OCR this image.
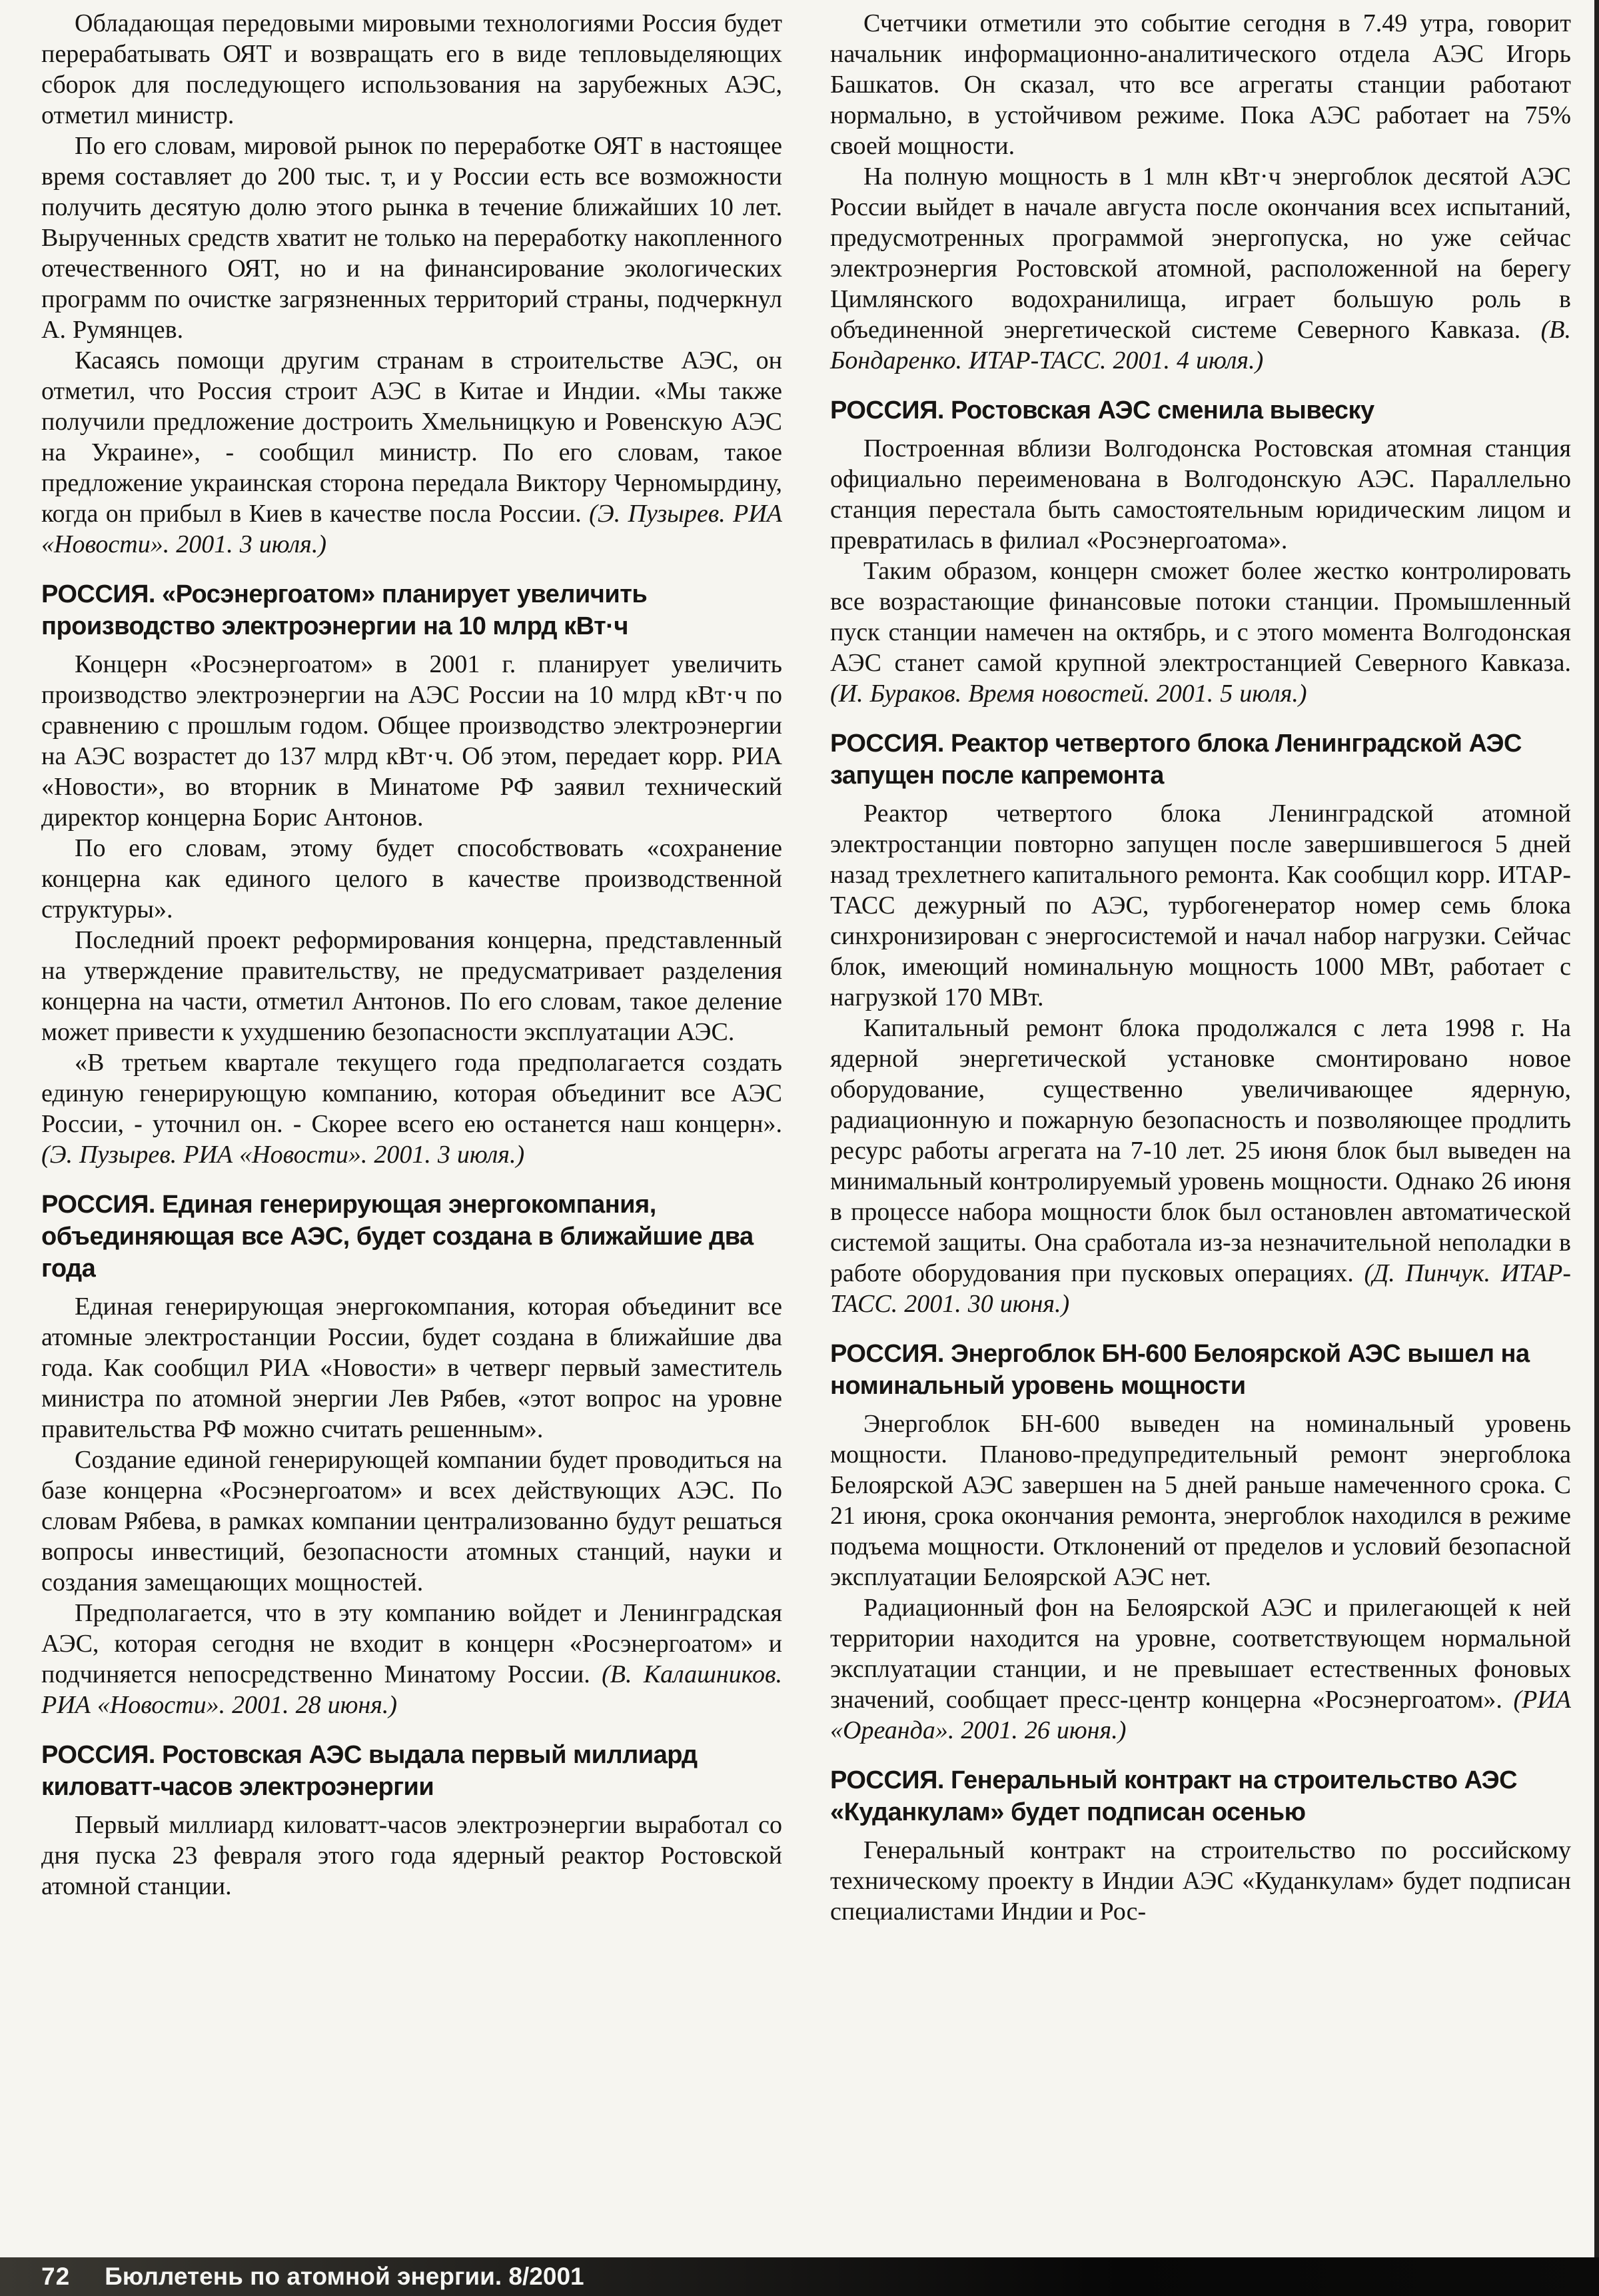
Обладающая передовыми мировыми технологиями Россия будет перерабатывать ОЯТ и возвращать его в виде тепловыделяющих сборок для последующего использования на зарубежных АЭС, отметил министр.

По его словам, мировой рынок по переработке ОЯТ в настоящее время составляет до 200 тыс. т, и у России есть все возможности получить десятую долю этого рынка в течение ближайших 10 лет. Вырученных средств хватит не только на переработку накопленного отечественного ОЯТ, но и на финансирование экологических программ по очистке загрязненных территорий страны, подчеркнул А. Румянцев.

Касаясь помощи другим странам в строительстве АЭС, он отметил, что Россия строит АЭС в Китае и Индии. «Мы также получили предложение достроить Хмельницкую и Ровенскую АЭС на Украине», - сообщил министр. По его словам, такое предложение украинская сторона передала Виктору Черномырдину, когда он прибыл в Киев в качестве посла России. (Э. Пузырев. РИА «Новости». 2001. 3 июля.)

РОССИЯ. «Росэнергоатом» планирует увеличить производство электроэнергии на 10 млрд кВт·ч

Концерн «Росэнергоатом» в 2001 г. планирует увеличить производство электроэнергии на АЭС России на 10 млрд кВт·ч по сравнению с прошлым годом. Общее производство электроэнергии на АЭС возрастет до 137 млрд кВт·ч. Об этом, передает корр. РИА «Новости», во вторник в Минатоме РФ заявил технический директор концерна Борис Антонов.

По его словам, этому будет способствовать «сохранение концерна как единого целого в качестве производственной структуры».

Последний проект реформирования концерна, представленный на утверждение правительству, не предусматривает разделения концерна на части, отметил Антонов. По его словам, такое деление может привести к ухудшению безопасности эксплуатации АЭС.

«В третьем квартале текущего года предполагается создать единую генерирующую компанию, которая объединит все АЭС России, - уточнил он. - Скорее всего ею останется наш концерн». (Э. Пузырев. РИА «Новости». 2001. 3 июля.)

РОССИЯ. Единая генерирующая энергокомпания, объединяющая все АЭС, будет создана в ближайшие два года

Единая генерирующая энергокомпания, которая объединит все атомные электростанции России, будет создана в ближайшие два года. Как сообщил РИА «Новости» в четверг первый заместитель министра по атомной энергии Лев Рябев, «этот вопрос на уровне правительства РФ можно считать решенным».

Создание единой генерирующей компании будет проводиться на базе концерна «Росэнергоатом» и всех действующих АЭС. По словам Рябева, в рамках компании централизованно будут решаться вопросы инвестиций, безопасности атомных станций, науки и создания замещающих мощностей.

Предполагается, что в эту компанию войдет и Ленинградская АЭС, которая сегодня не входит в концерн «Росэнергоатом» и подчиняется непосредственно Минатому России. (В. Калашников. РИА «Новости». 2001. 28 июня.)

РОССИЯ. Ростовская АЭС выдала первый миллиард киловатт-часов электроэнергии

Первый миллиард киловатт-часов электроэнергии выработал со дня пуска 23 февраля этого года ядерный реактор Ростовской атомной станции.

Счетчики отметили это событие сегодня в 7.49 утра, говорит начальник информационно-аналитического отдела АЭС Игорь Башкатов. Он сказал, что все агрегаты станции работают нормально, в устойчивом режиме. Пока АЭС работает на 75% своей мощности.

На полную мощность в 1 млн кВт·ч энергоблок десятой АЭС России выйдет в начале августа после окончания всех испытаний, предусмотренных программой энергопуска, но уже сейчас электроэнергия Ростовской атомной, расположенной на берегу Цимлянского водохранилища, играет большую роль в объединенной энергетической системе Северного Кавказа. (В. Бондаренко. ИТАР-ТАСС. 2001. 4 июля.)

РОССИЯ. Ростовская АЭС сменила вывеску

Построенная вблизи Волгодонска Ростовская атомная станция официально переименована в Волгодонскую АЭС. Параллельно станция перестала быть самостоятельным юридическим лицом и превратилась в филиал «Росэнергоатома».

Таким образом, концерн сможет более жестко контролировать все возрастающие финансовые потоки станции. Промышленный пуск станции намечен на октябрь, и с этого момента Волгодонская АЭС станет самой крупной электростанцией Северного Кавказа. (И. Бураков. Время новостей. 2001. 5 июля.)

РОССИЯ. Реактор четвертого блока Ленинградской АЭС запущен после капремонта

Реактор четвертого блока Ленинградской атомной электростанции повторно запущен после завершившегося 5 дней назад трехлетнего капитального ремонта. Как сообщил корр. ИТАР-ТАСС дежурный по АЭС, турбогенератор номер семь блока синхронизирован с энергосистемой и начал набор нагрузки. Сейчас блок, имеющий номинальную мощность 1000 МВт, работает с нагрузкой 170 МВт.

Капитальный ремонт блока продолжался с лета 1998 г. На ядерной энергетической установке смонтировано новое оборудование, существенно увеличивающее ядерную, радиационную и пожарную безопасность и позволяющее продлить ресурс работы агрегата на 7-10 лет. 25 июня блок был выведен на минимальный контролируемый уровень мощности. Однако 26 июня в процессе набора мощности блок был остановлен автоматической системой защиты. Она сработала из-за незначительной неполадки в работе оборудования при пусковых операциях. (Д. Пинчук. ИТАР-ТАСС. 2001. 30 июня.)

РОССИЯ. Энергоблок БН-600 Белоярской АЭС вышел на номинальный уровень мощности

Энергоблок БН-600 выведен на номинальный уровень мощности. Планово-предупредительный ремонт энергоблока Белоярской АЭС завершен на 5 дней раньше намеченного срока. С 21 июня, срока окончания ремонта, энергоблок находился в режиме подъема мощности. Отклонений от пределов и условий безопасной эксплуатации Белоярской АЭС нет.

Радиационный фон на Белоярской АЭС и прилегающей к ней территории находится на уровне, соответствующем нормальной эксплуатации станции, и не превышает естественных фоновых значений, сообщает пресс-центр концерна «Росэнергоатом». (РИА «Ореанда». 2001. 26 июня.)

РОССИЯ. Генеральный контракт на строительство АЭС «Куданкулам» будет подписан осенью

Генеральный контракт на строительство по российскому техническому проекту в Индии АЭС «Куданкулам» будет подписан специалистами Индии и Рос-

72 Бюллетень по атомной энергии. 8/2001
